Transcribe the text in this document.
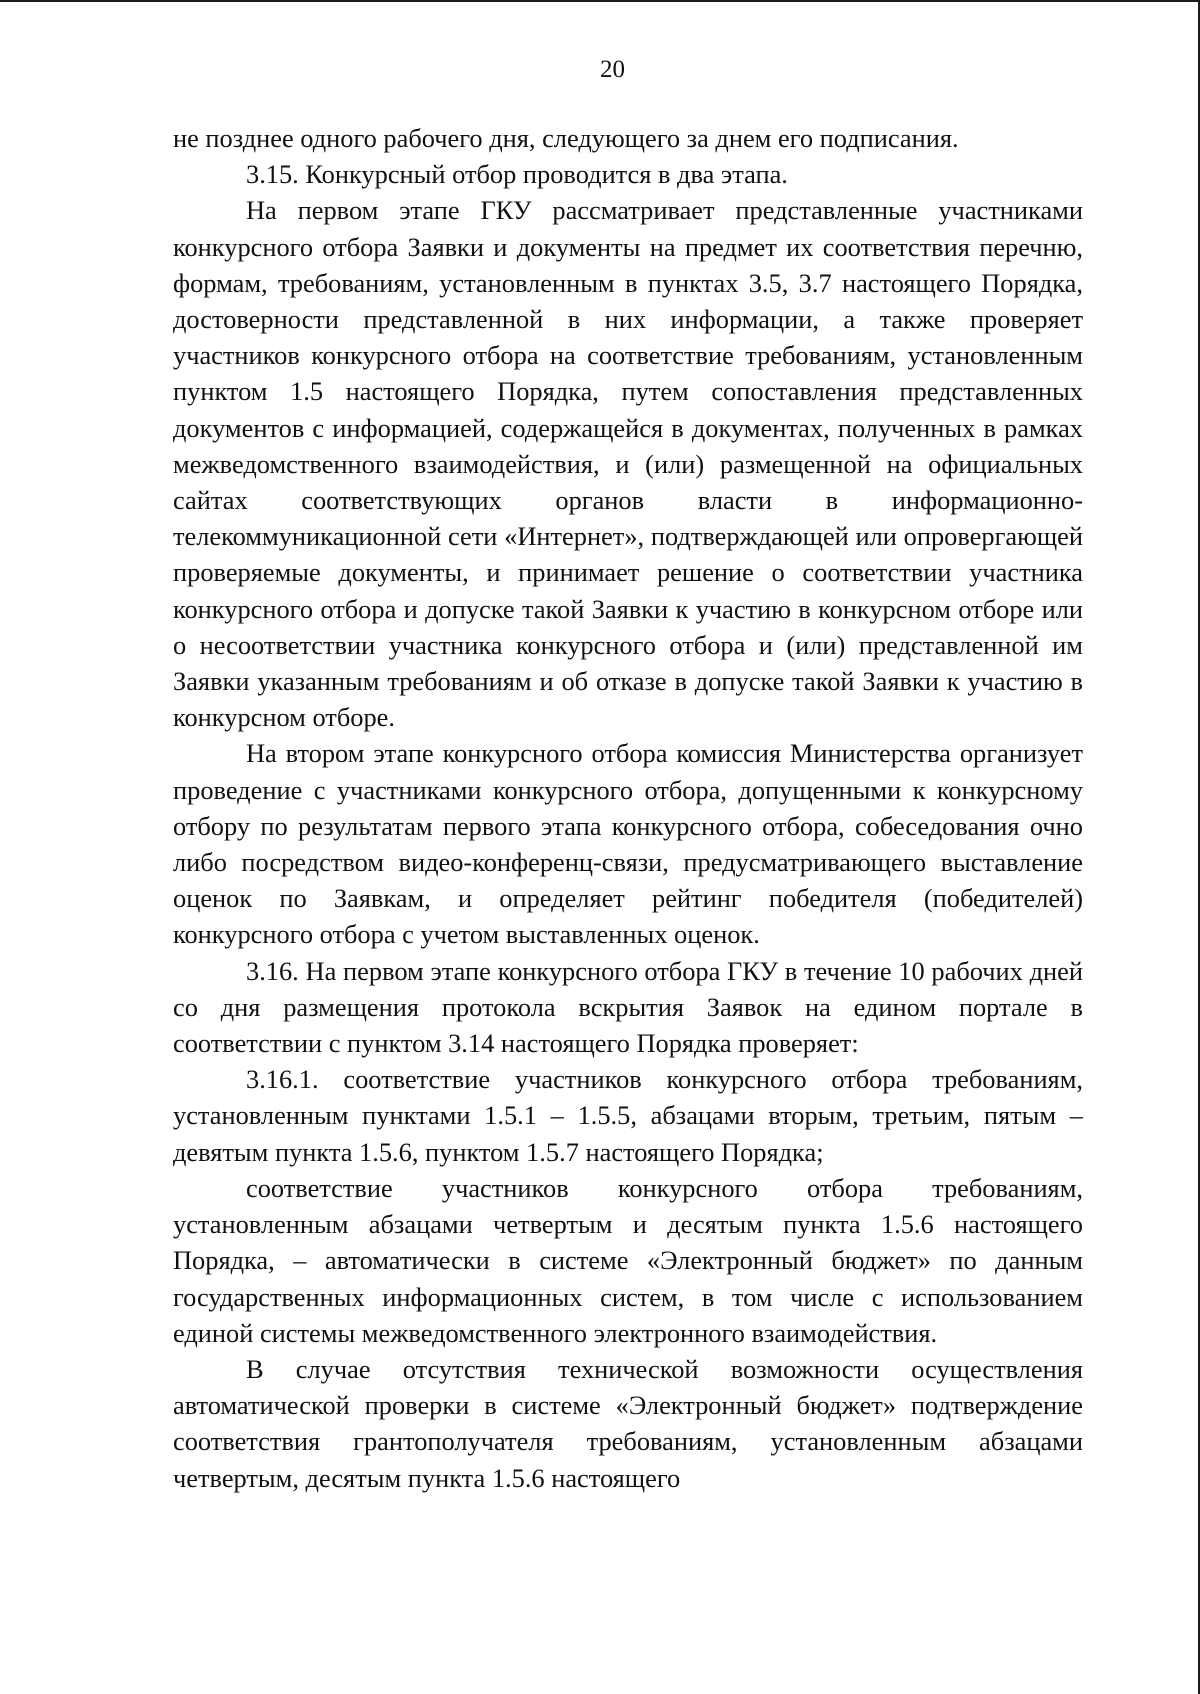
20

не позднее одного рабочего дня, следующего за днем его подписания.

3.15. Конкурсный отбор проводится в два этапа.

На первом этапе ГКУ рассматривает представленные участниками конкурсного отбора Заявки и документы на предмет их соответствия перечню, формам, требованиям, установленным в пунктах 3.5, 3.7 настоящего Порядка, достоверности представленной в них информации, а также проверяет участников конкурсного отбора на соответствие требованиям, установленным пунктом 1.5 настоящего Порядка, путем сопоставления представленных документов с информацией, содержащейся в документах, полученных в рамках межведомственного взаимодействия, и (или) размещенной на официальных сайтах соответствующих органов власти в информационно-телекоммуникационной сети «Интернет», подтверждающей или опровергающей проверяемые документы, и принимает решение о соответствии участника конкурсного отбора и допуске такой Заявки к участию в конкурсном отборе или о несоответствии участника конкурсного отбора и (или) представленной им Заявки указанным требованиям и об отказе в допуске такой Заявки к участию в конкурсном отборе.

На втором этапе конкурсного отбора комиссия Министерства организует проведение с участниками конкурсного отбора, допущенными к конкурсному отбору по результатам первого этапа конкурсного отбора, собеседования очно либо посредством видео-конференц-связи, предусматривающего выставление оценок по Заявкам, и определяет рейтинг победителя (победителей) конкурсного отбора с учетом выставленных оценок.

3.16. На первом этапе конкурсного отбора ГКУ в течение 10 рабочих дней со дня размещения протокола вскрытия Заявок на едином портале в соответствии с пунктом 3.14 настоящего Порядка проверяет:

3.16.1. соответствие участников конкурсного отбора требованиям, установленным пунктами 1.5.1 – 1.5.5, абзацами вторым, третьим, пятым – девятым пункта 1.5.6, пунктом 1.5.7 настоящего Порядка;

соответствие участников конкурсного отбора требованиям, установленным абзацами четвертым и десятым пункта 1.5.6 настоящего Порядка, – автоматически в системе «Электронный бюджет» по данным государственных информационных систем, в том числе с использованием единой системы межведомственного электронного взаимодействия.

В случае отсутствия технической возможности осуществления автоматической проверки в системе «Электронный бюджет» подтверждение соответствия грантополучателя требованиям, установленным абзацами четвертым, десятым пункта 1.5.6 настоящего
